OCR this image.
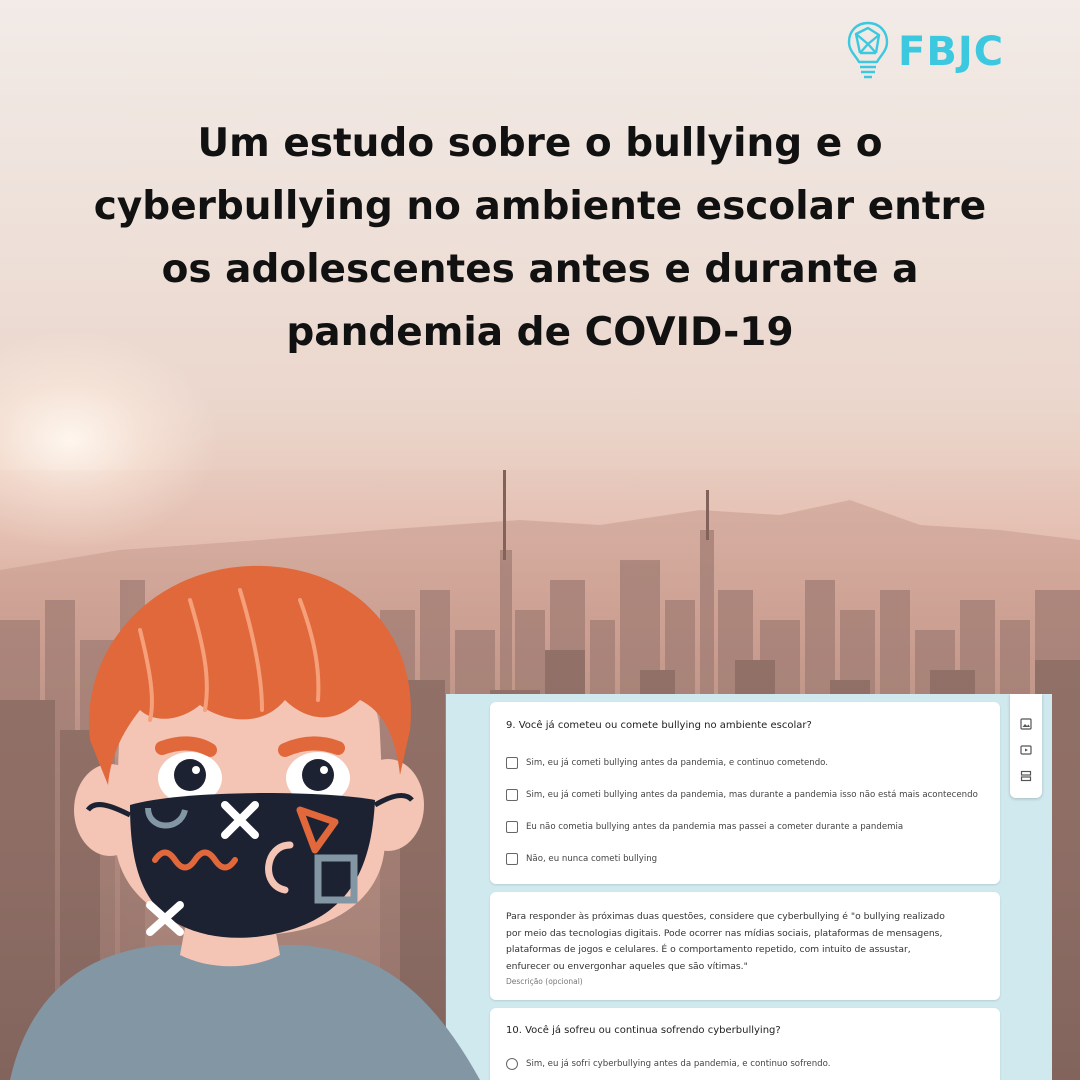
FBJC
Um estudo sobre o bullying e o
cyberbullying no ambiente escolar entre
os adolescentes antes e durante a
pandemia de COVID-19
9. Você já cometeu ou comete bullying no ambiente escolar?
Sim, eu já cometi bullying antes da pandemia, e continuo cometendo.
Sim, eu já cometi bullying antes da pandemia, mas durante a pandemia isso não está mais acontecendo
Eu não cometia bullying antes da pandemia mas passei a cometer durante a pandemia
Não, eu nunca cometi bullying
Para responder às próximas duas questões, considere que cyberbullying é "o bullying realizado
por meio das tecnologias digitais. Pode ocorrer nas mídias sociais, plataformas de mensagens,
plataformas de jogos e celulares. É o comportamento repetido, com intuito de assustar,
enfurecer ou envergonhar aqueles que são vítimas."
Descrição (opcional)
10. Você já sofreu ou continua sofrendo cyberbullying?
Sim, eu já sofri cyberbullying antes da pandemia, e continuo sofrendo.
